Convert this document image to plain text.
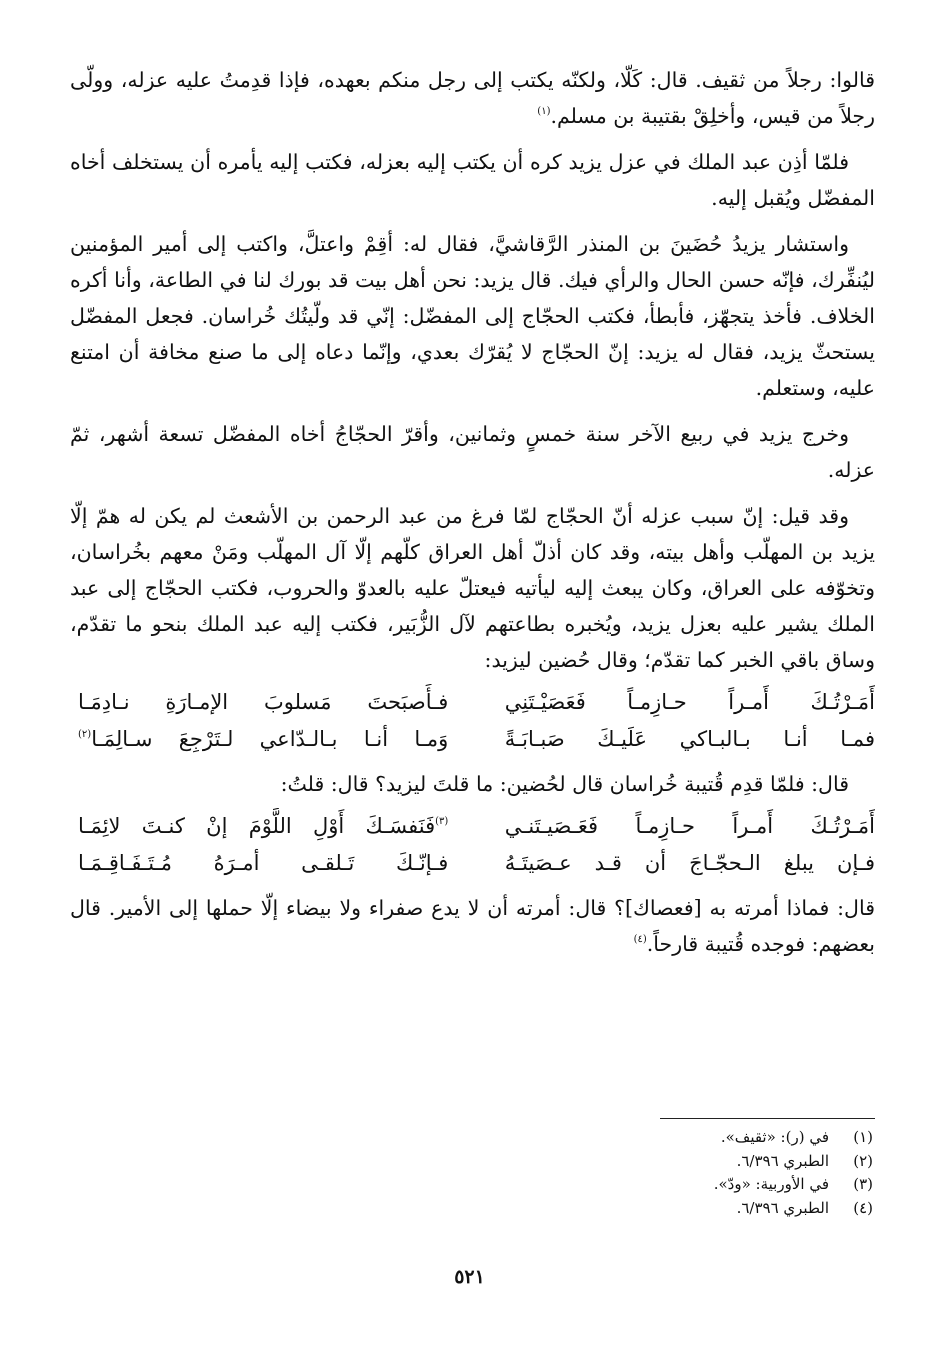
قالوا: رجلاً من ثقيف. قال: كَلّا، ولكنّه يكتب إلى رجل منكم بعهده، فإذا قدِمتُ عليه عزله، وولّى رجلاً من قيس، وأخلِقْ بقتيبة بن مسلم.$^{(١)}$

فلمّا أذِن عبد الملك في عزل يزيد كره أن يكتب إليه بعزله، فكتب إليه يأمره أن يستخلف أخاه المفضّل ويُقبل إليه.

واستشار يزيدُ حُضَينَ بن المنذر الرَّقاشيَّ، فقال له: أقِمْ واعتلَّ، واكتب إلى أمير المؤمنين ليُنفِّرك، فإنّه حسن الحال والرأي فيك. قال يزيد: نحن أهل بيت قد بورك لنا في الطاعة، وأنا أكره الخلاف. فأخذ يتجهّز، فأبطأ، فكتب الحجّاج إلى المفضّل: إنّي قد ولّيتُك خُراسان. فجعل المفضّل يستحثّ يزيد، فقال له يزيد: إنّ الحجّاج لا يُقرّك بعدي، وإنّما دعاه إلى ما صنع مخافة أن امتنع عليه، وستعلم.

وخرج يزيد في ربيع الآخر سنة خمسٍ وثمانين، وأقرّ الحجّاجُ أخاه المفضّل تسعة أشهر، ثمّ عزله.

وقد قيل: إنّ سبب عزله أنّ الحجّاج لمّا فرغ من عبد الرحمن بن الأشعث لم يكن له همّ إلّا يزيد بن المهلّب وأهل بيته، وقد كان أذلّ أهل العراق كلّهم إلّا آل المهلّب ومَنْ معهم بخُراسان، وتخوّفه على العراق، وكان يبعث إليه ليأتيه فيعتلّ عليه بالعدوّ والحروب، فكتب الحجّاج إلى عبد الملك يشير عليه بعزل يزيد، ويُخبره بطاعتهم لآل الزُّبَير، فكتب إليه عبد الملك بنحو ما تقدّم، وساق باقي الخبر كما تقدّم؛ وقال حُضين ليزيد:

أَمَـرْتُـكَ أَمـراً حـازِمـاً فَعَصَيْـتَنِي
فـأَصبَحتَ مَسلوبَ الإمـارَةِ نـادِمَـا
فمـا أنـا بـالبـاكي عَلَيـكَ صَبـابَـةً
وَمـا أنـا بـالـدّاعي لـتَرْجِعَ سـالِمَـا$^{(٢)}$

قال: فلمّا قدِم قُتيبة خُراسان قال لحُضين: ما قلتَ ليزيد؟ قال: قلتُ:

أَمَـرْتُـكَ أَمـراً حـازِمـاً فَعَـصَيـتَنـي
$^{(٣)}$فَنَفسَـكَ أَوْلِ اللَّوْمَ إنْ كنـتَ لائِمَـا
فـإن يبلغ الـحجّـاجَ أن قـد عـصَيتَـهُ
فـإنّـكَ تَـلقـى أمـرَهُ مُـتَـفَـاقِـمَـا

قال: فماذا أمرته به [فعصاك]؟ قال: أمرته أن لا يدع صفراء ولا بيضاء إلّا حملها إلى الأمير. قال بعضهم: فوجده قُتيبة قارحاً.$^{(٤)}$

(١)في (ر): «ثقيف».
(٢)الطبري ٦/٣٩٦.
(٣)في الأوربية: «ودّ».
(٤)الطبري ٦/٣٩٦.
٥٢١
